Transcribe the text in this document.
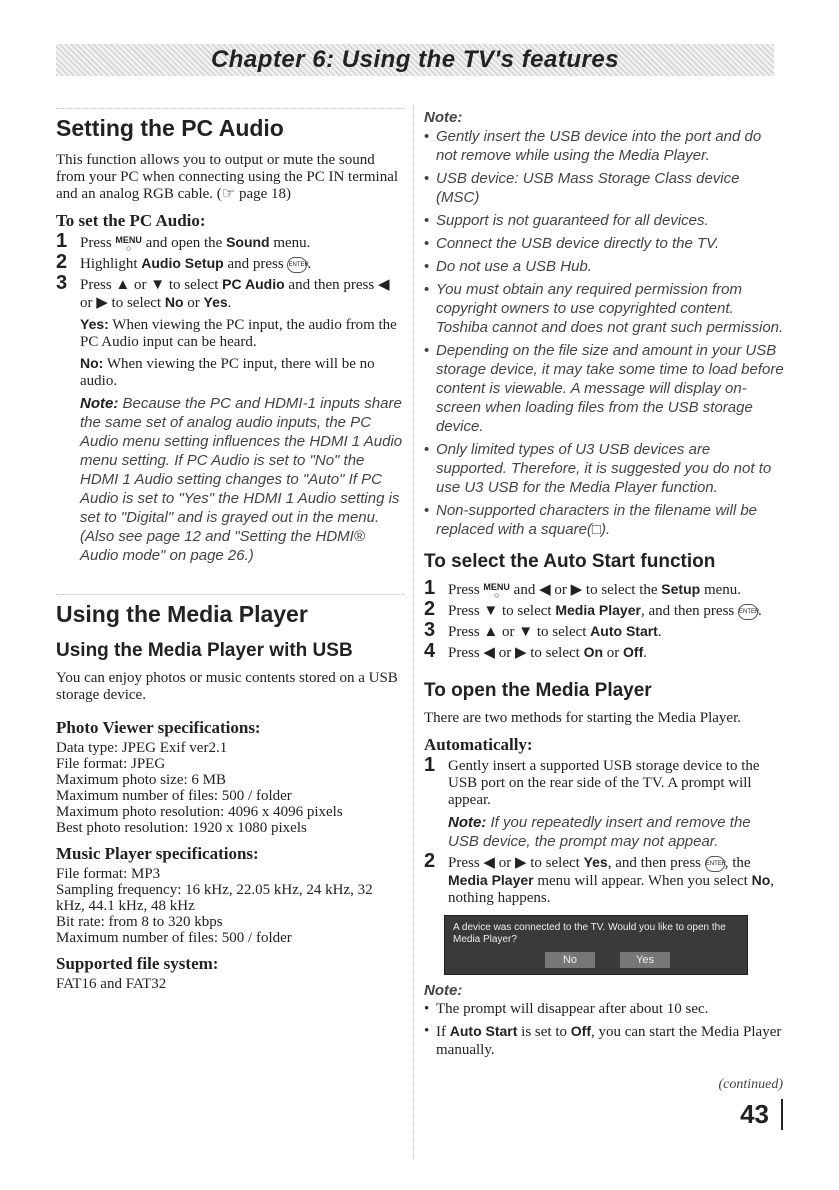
Chapter 6: Using the TV's features
Setting the PC Audio

This function allows you to output or mute the sound from your PC when connecting using the PC IN terminal and an analog RGB cable. (☞ page 18)

To set the PC Audio:
1 Press MENU
○ and open the Sound menu.
2 Highlight Audio Setup and press ENTER.
3 Press ▲ or ▼ to select PC Audio and then press ◀ or ▶ to select No or Yes.

Yes: When viewing the PC input, the audio from the PC Audio input can be heard.

No: When viewing the PC input, there will be no audio.

Note: Because the PC and HDMI-1 inputs share the same set of analog audio inputs, the PC Audio menu setting influences the HDMI 1 Audio menu setting. If PC Audio is set to "No" the HDMI 1 Audio setting changes to "Auto" If PC Audio is set to "Yes" the HDMI 1 Audio setting is set to "Digital" and is grayed out in the menu. (Also see page 12 and "Setting the HDMI® Audio mode" on page 26.)
Using the Media Player
Using the Media Player with USB

You can enjoy photos or music contents stored on a USB storage device.

Photo Viewer specifications:

Data type: JPEG Exif ver2.1
File format: JPEG
Maximum photo size: 6 MB
Maximum number of files: 500 / folder
Maximum photo resolution: 4096 x 4096 pixels
Best photo resolution: 1920 x 1080 pixels

Music Player specifications:

File format: MP3
Sampling frequency: 16 kHz, 22.05 kHz, 24 kHz, 32 kHz, 44.1 kHz, 48 kHz
Bit rate: from 8 to 320 kbps
Maximum number of files: 500 / folder

Supported file system:

FAT16 and FAT32

Note:
• Gently insert the USB device into the port and do not remove while using the Media Player.
• USB device: USB Mass Storage Class device (MSC)
• Support is not guaranteed for all devices.
• Connect the USB device directly to the TV.
• Do not use a USB Hub.
• You must obtain any required permission from copyright owners to use copyrighted content. Toshiba cannot and does not grant such permission.
• Depending on the file size and amount in your USB storage device, it may take some time to load before content is viewable. A message will display on-screen when loading files from the USB storage device.
• Only limited types of U3 USB devices are supported. Therefore, it is suggested you do not to use U3 USB for the Media Player function.
• Non-supported characters in the filename will be replaced with a square(□).
To select the Auto Start function
1 Press MENU
○ and ◀ or ▶ to select the Setup menu.
2 Press ▼ to select Media Player, and then press ENTER.
3 Press ▲ or ▼ to select Auto Start.
4 Press ◀ or ▶ to select On or Off.
To open the Media Player

There are two methods for starting the Media Player.

Automatically:
1 Gently insert a supported USB storage device to the USB port on the rear side of the TV. A prompt will appear.
Note: If you repeatedly insert and remove the USB device, the prompt may not appear.
2 Press ◀ or ▶ to select Yes, and then press ENTER, the Media Player menu will appear. When you select No, nothing happens.
A device was connected to the TV. Would you like to open the Media Player?
No	Yes
Note:
• The prompt will disappear after about 10 sec.
• If Auto Start is set to Off, you can start the Media Player manually.
(continued)
43
